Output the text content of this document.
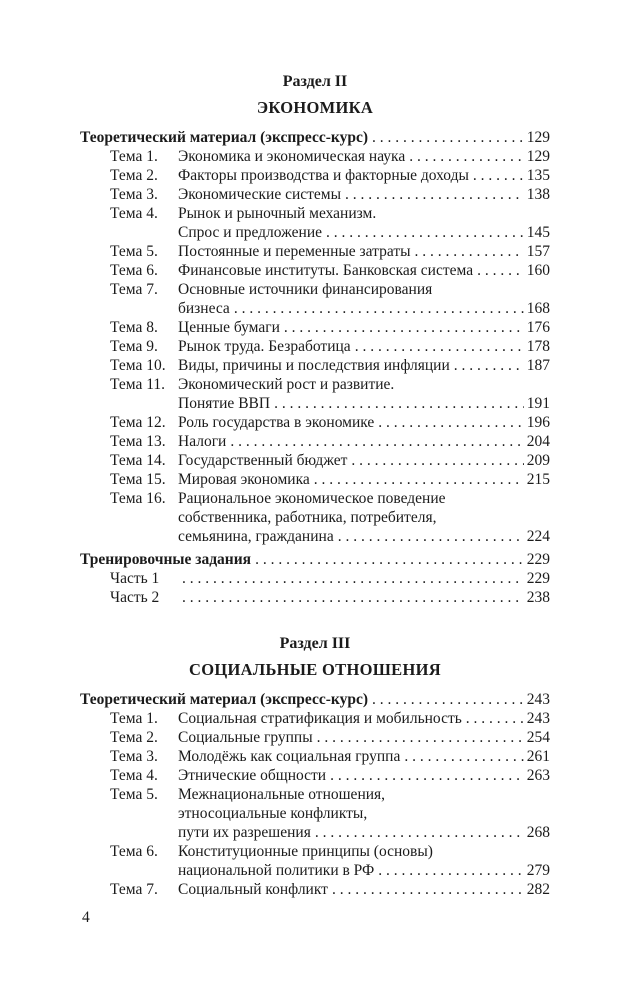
Раздел II
ЭКОНОМИКА
Теоретический материал (экспресс-курс) . . .	129
Тема 1.	Экономика и экономическая наука . . .	129
Тема 2.	Факторы производства и факторные доходы . . .	135
Тема 3.	Экономические системы . . .	138
Тема 4.	Рынок и рыночный механизм.
Спрос и предложение . . .	145
Тема 5.	Постоянные и переменные затраты . . .	157
Тема 6.	Финансовые институты. Банковская система . . .	160
Тема 7.	Основные источники финансирования
бизнеса . . .	168
Тема 8.	Ценные бумаги . . .	176
Тема 9.	Рынок труда. Безработица . . .	178
Тема 10. Виды, причины и последствия инфляции . . .	187
Тема 11. Экономический рост и развитие.
Понятие ВВП . . .	191
Тема 12. Роль государства в экономике . . .	196
Тема 13. Налоги . . .	204
Тема 14. Государственный бюджет . . .	209
Тема 15. Мировая экономика . . .	215
Тема 16. Рациональное экономическое поведение
собственника, работника, потребителя,
семьянина, гражданина . . .	224
Тренировочные задания . . .	229
Часть 1 . . .	229
Часть 2 . . .	238
Раздел III
СОЦИАЛЬНЫЕ ОТНОШЕНИЯ
Теоретический материал (экспресс-курс) . . .	243
Тема 1.	Социальная стратификация и мобильность . . .	243
Тема 2.	Социальные группы . . .	254
Тема 3.	Молодёжь как социальная группа . . .	261
Тема 4.	Этнические общности . . .	263
Тема 5.	Межнациональные отношения,
этносоциальные конфликты,
пути их разрешения . . .	268
Тема 6.	Конституционные принципы (основы)
национальной политики в РФ . . .	279
Тема 7.	Социальный конфликт . . .	282
4
